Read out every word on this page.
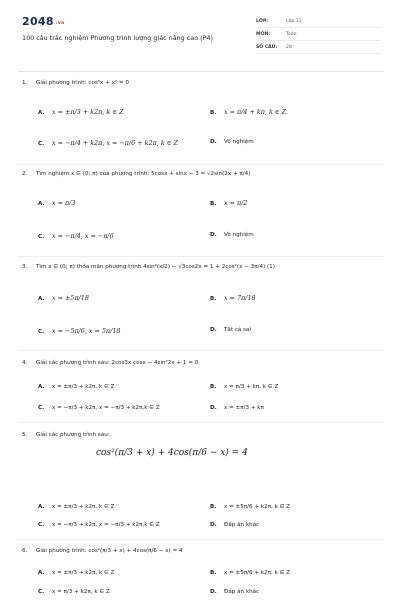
2048 .vn
100 câu trắc nghiệm Phương trình lượng giác nâng cao (P4)
LỚP:	Lớp 11
MÔN:	Toán
SỐ CÂU:	20
1. Giải phương trình: cos⁵x + x² = 0
A. x = ±π/3 + k2π, k ∈ Z	B. x = π/4 + kπ, k ∈ Z.
C. x = −π/4 + k2π, x = −π/6 + k2π, k ∈ Z	D. Vô nghiệm
2. Tìm nghiệm x ∈ (0; π) của phương trình: 5cosx + sinx − 3 = √2sin(2x + π/4)
A. x = π/3	B. x = π/2
C. x = −π/4, x = −π/6	D. Vô nghiệm
3. Tìm x ∈ (0; π) thỏa mãn phương trình 4sin²(x/2) − √3cos2x = 1 + 2cos²(x − 3π/4) (1)
A. x = ±5π/18	B. x = 7π/18
C. x = −5π/6, x = 5π/18	D. Tất cả sai
4. Giải các phương trình sau: 2cos3x.cosx − 4sin²2x + 1 = 0
A. x = ±π/3 + k2π, k ∈ Z	B. x = π/3 + kπ, k ∈ Z
C. x = −π/3 + k2π, x = −π/3 + k2π,k ∈ Z	D. x = ±π/3 + kπ
5. Giải các phương trình sau:
cos²(π/3 + x) + 4cos(π/6 − x) = 4
A. x = ±π/3 + k2π, k ∈ Z	B. x = ±5π/6 + k2π, k ∈ Z
C. x = −π/3 + k2π, x = −π/3 + k2π,k ∈ Z	D. Đáp án khác
6. Giải phương trình: cos²(π/3 + x) + 4cos(π/6 − x) = 4
A. x = ±π/3 + k2π, k ∈ Z	B. x = ±5π/6 + k2π, k ∈ Z
C. x = π/3 + k2π, k ∈ Z	D. Đáp án khác
